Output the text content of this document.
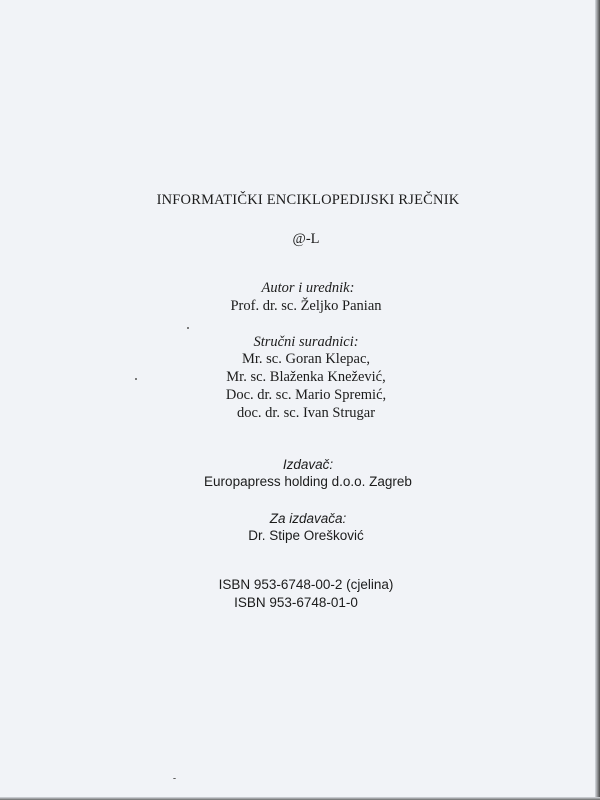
INFORMATIČKI ENCIKLOPEDIJSKI RJEČNIK
@-L
Autor i urednik:
Prof. dr. sc. Željko Panian
Stručni suradnici:
Mr. sc. Goran Klepac,
Mr. sc. Blaženka Knežević,
Doc. dr. sc. Mario Spremić,
doc. dr. sc. Ivan Strugar
Izdavač:
Europapress holding d.o.o. Zagreb
Za izdavača:
Dr. Stipe Orešković
ISBN 953-6748-00-2 (cjelina)
ISBN 953-6748-01-0
